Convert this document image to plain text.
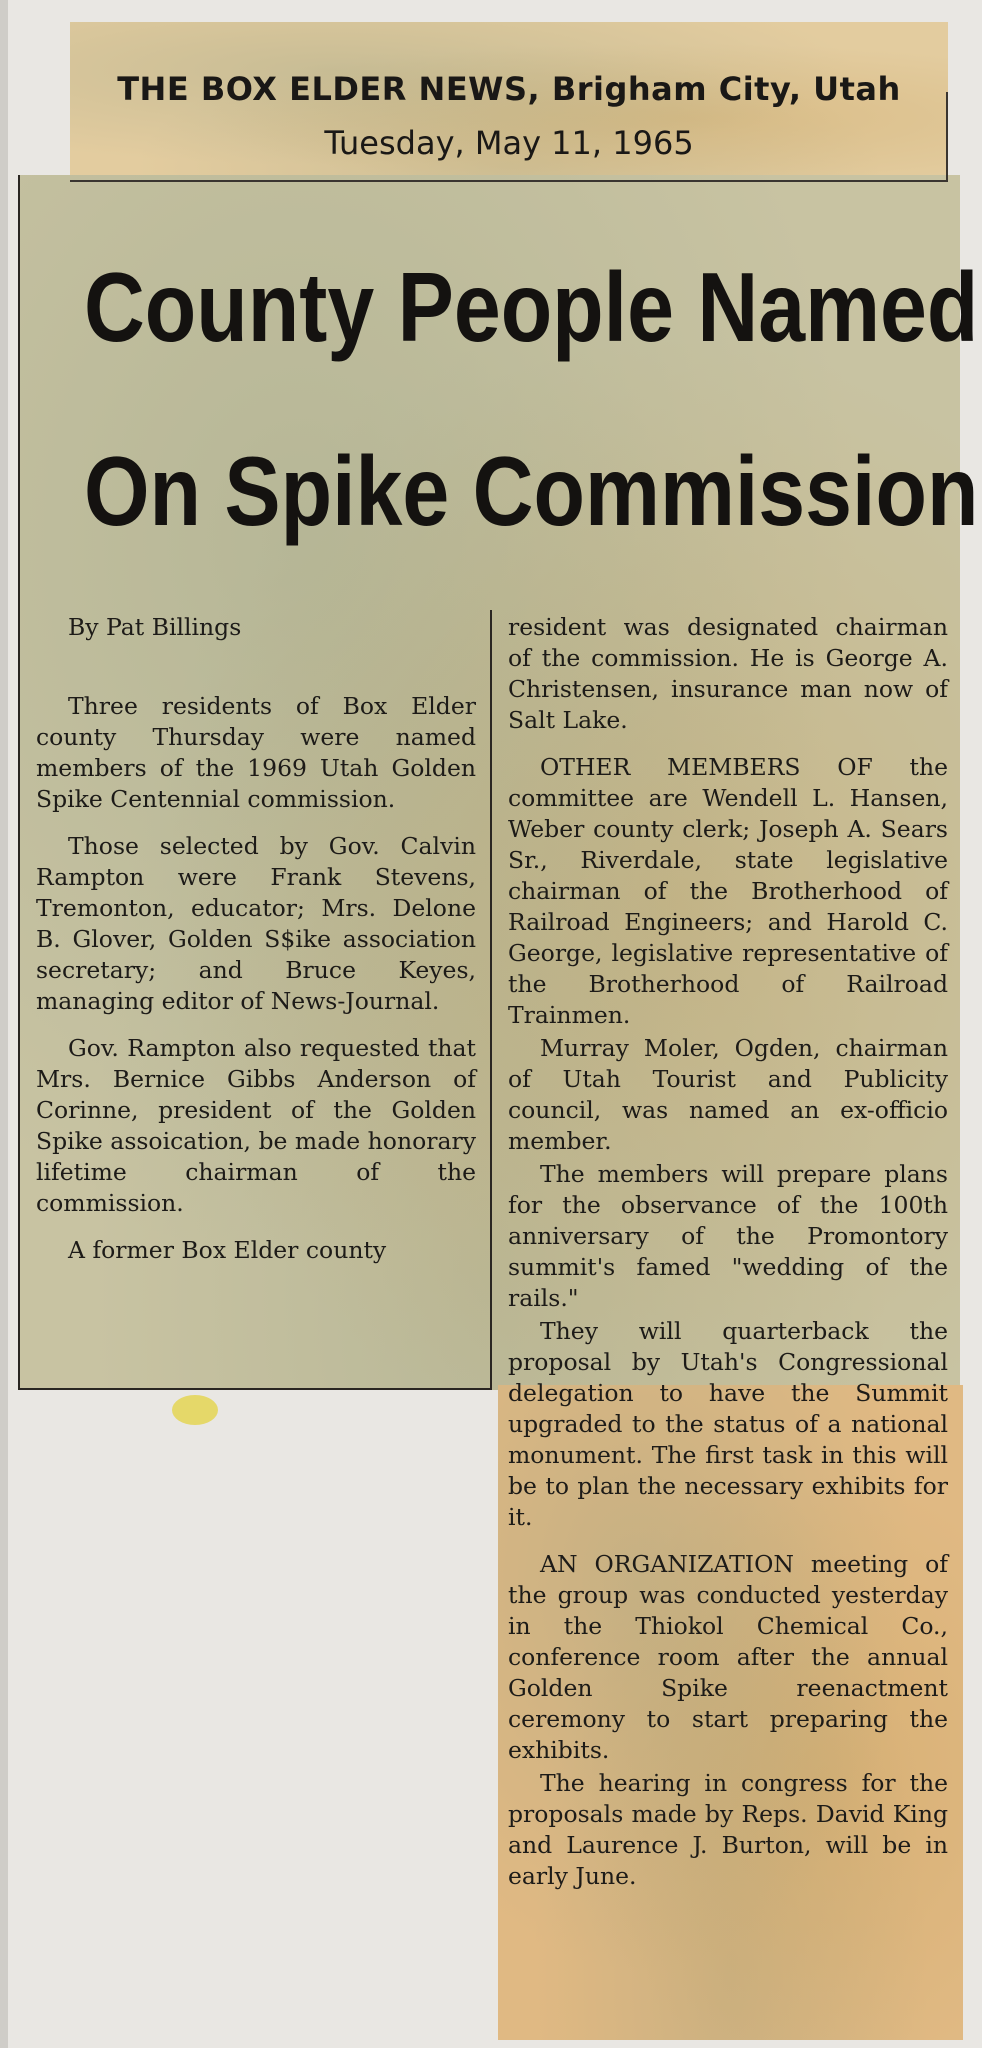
THE BOX ELDER NEWS, Brigham City, Utah
Tuesday, May 11, 1965
County People Named
On Spike Commission

By Pat Billings

Three residents of Box Elder county Thursday were named members of the 1969 Utah Golden Spike Centennial commission.

Those selected by Gov. Calvin Rampton were Frank Stevens, Tremonton, educator; Mrs. Delone B. Glover, Golden S$ike association secretary; and Bruce Keyes, managing editor of News-Journal.

Gov. Rampton also requested that Mrs. Bernice Gibbs Anderson of Corinne, president of the Golden Spike assoication, be made honorary lifetime chairman of the commission.

A former Box Elder county

resident was designated chairman of the commission. He is George A. Christensen, insurance man now of Salt Lake.

OTHER MEMBERS OF the committee are Wendell L. Hansen, Weber county clerk; Joseph A. Sears Sr., Riverdale, state legislative chairman of the Brotherhood of Railroad Engineers; and Harold C. George, legislative representative of the Brotherhood of Railroad Trainmen.

Murray Moler, Ogden, chairman of Utah Tourist and Publicity council, was named an ex-officio member.

The members will prepare plans for the observance of the 100th anniversary of the Promontory summit's famed "wedding of the rails."

They will quarterback the proposal by Utah's Congressional delegation to have the Summit upgraded to the status of a national monument. The first task in this will be to plan the necessary exhibits for it.

AN ORGANIZATION meeting of the group was conducted yesterday in the Thiokol Chemical Co., conference room after the annual Golden Spike reenactment ceremony to start preparing the exhibits.

The hearing in congress for the proposals made by Reps. David King and Laurence J. Burton, will be in early June.
